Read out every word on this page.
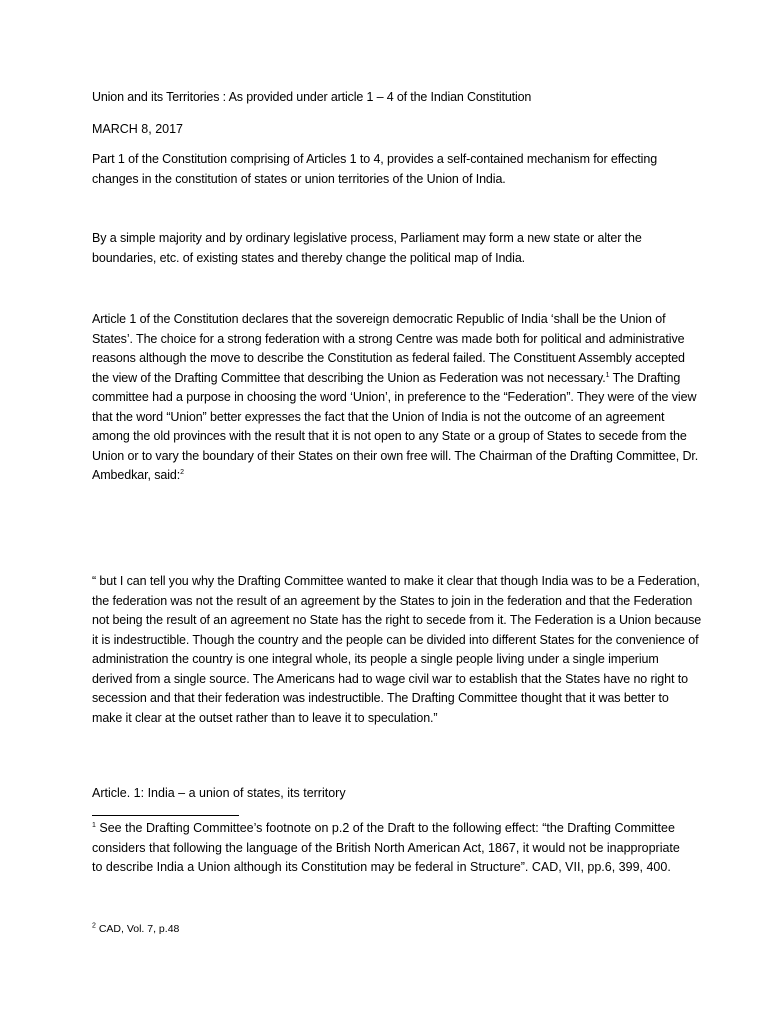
Union and its Territories : As provided under article 1 – 4 of the Indian Constitution
MARCH 8, 2017

Part 1 of the Constitution comprising of Articles 1 to 4, provides a self-contained mechanism for effecting changes in the constitution of states or union territories of the Union of India.

By a simple majority and by ordinary legislative process, Parliament may form a new state or alter the boundaries, etc. of existing states and thereby change the political map of India.

Article 1 of the Constitution declares that the sovereign democratic Republic of India ‘shall be the Union of States’. The choice for a strong federation with a strong Centre was made both for political and administrative reasons although the move to describe the Constitution as federal failed. The Constituent Assembly accepted the view of the Drafting Committee that describing the Union as Federation was not necessary.$^1$ The Drafting committee had a purpose in choosing the word ‘Union’, in preference to the “Federation”. They were of the view that the word “Union” better expresses the fact that the Union of India is not the outcome of an agreement among the old provinces with the result that it is not open to any State or a group of States to secede from the Union or to vary the boundary of their States on their own free will. The Chairman of the Drafting Committee, Dr. Ambedkar, said:$^2$

“ but I can tell you why the Drafting Committee wanted to make it clear that though India was to be a Federation, the federation was not the result of an agreement by the States to join in the federation and that the Federation not being the result of an agreement no State has the right to secede from it. The Federation is a Union because it is indestructible. Though the country and the people can be divided into different States for the convenience of administration the country is one integral whole, its people a single people living under a single imperium derived from a single source. The Americans had to wage civil war to establish that the States have no right to secession and that their federation was indestructible. The Drafting Committee thought that it was better to make it clear at the outset rather than to leave it to speculation.”

Article. 1: India – a union of states, its territory

$^1$ See the Drafting Committee’s footnote on p.2 of the Draft to the following effect: “the Drafting Committee considers that following the language of the British North American Act, 1867, it would not be inappropriate to describe India a Union although its Constitution may be federal in Structure”. CAD, VII, pp.6, 399, 400.

$^2$ CAD, Vol. 7, p.48
